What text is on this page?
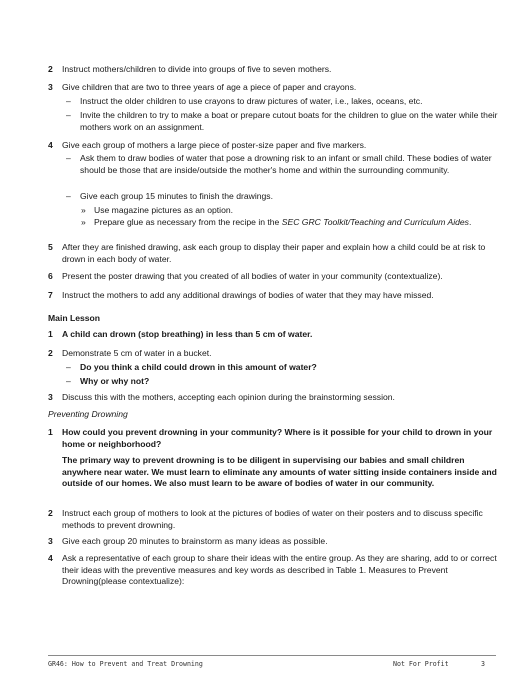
2 Instruct mothers/children to divide into groups of five to seven mothers.
3 Give children that are two to three years of age a piece of paper and crayons.
– Instruct the older children to use crayons to draw pictures of water, i.e., lakes, oceans, etc.
– Invite the children to try to make a boat or prepare cutout boats for the children to glue on the water while their mothers work on an assignment.
4 Give each group of mothers a large piece of poster-size paper and five markers.
– Ask them to draw bodies of water that pose a drowning risk to an infant or small child. These bodies of water should be those that are inside/outside the mother's home and within the surrounding community.
– Give each group 15 minutes to finish the drawings.
» Use magazine pictures as an option.
» Prepare glue as necessary from the recipe in the SEC GRC Toolkit/Teaching and Curriculum Aides.
5 After they are finished drawing, ask each group to display their paper and explain how a child could be at risk to drown in each body of water.
6 Present the poster drawing that you created of all bodies of water in your community (contextualize).
7 Instruct the mothers to add any additional drawings of bodies of water that they may have missed.
Main Lesson
1 A child can drown (stop breathing) in less than 5 cm of water.
2 Demonstrate 5 cm of water in a bucket.
– Do you think a child could drown in this amount of water?
– Why or why not?
3 Discuss this with the mothers, accepting each opinion during the brainstorming session.
Preventing Drowning
1 How could you prevent drowning in your community? Where is it possible for your child to drown in your home or neighborhood?
The primary way to prevent drowning is to be diligent in supervising our babies and small children anywhere near water. We must learn to eliminate any amounts of water sitting inside containers inside and outside of our homes. We also must learn to be aware of bodies of water in our community.
2 Instruct each group of mothers to look at the pictures of bodies of water on their posters and to discuss specific methods to prevent drowning.
3 Give each group 20 minutes to brainstorm as many ideas as possible.
4 Ask a representative of each group to share their ideas with the entire group. As they are sharing, add to or correct their ideas with the preventive measures and key words as described in Table 1. Measures to Prevent Drowning(please contextualize):
GR46: How to Prevent and Treat Drowning	Not For Profit	3
